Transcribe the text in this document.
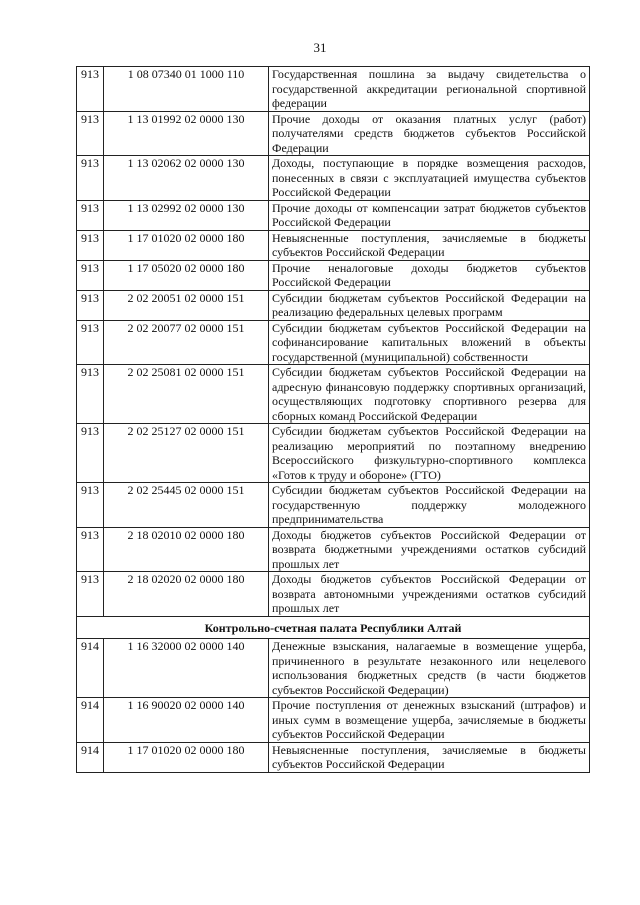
31
913	1 08 07340 01 1000 110	Государственная пошлина за выдачу свидетельства о государственной аккредитации региональной спортивной федерации
913	1 13 01992 02 0000 130	Прочие доходы от оказания платных услуг (работ) получателями средств бюджетов субъектов Российской Федерации
913	1 13 02062 02 0000 130	Доходы, поступающие в порядке возмещения расходов, понесенных в связи с эксплуатацией имущества субъектов Российской Федерации
913	1 13 02992 02 0000 130	Прочие доходы от компенсации затрат бюджетов субъектов Российской Федерации
913	1 17 01020 02 0000 180	Невыясненные поступления, зачисляемые в бюджеты субъектов Российской Федерации
913	1 17 05020 02 0000 180	Прочие неналоговые доходы бюджетов субъектов Российской Федерации
913	2 02 20051 02 0000 151	Субсидии бюджетам субъектов Российской Федерации на реализацию федеральных целевых программ
913	2 02 20077 02 0000 151	Субсидии бюджетам субъектов Российской Федерации на софинансирование капитальных вложений в объекты государственной (муниципальной) собственности
913	2 02 25081 02 0000 151	Субсидии бюджетам субъектов Российской Федерации на адресную финансовую поддержку спортивных организаций, осуществляющих подготовку спортивного резерва для сборных команд Российской Федерации
913	2 02 25127 02 0000 151	Субсидии бюджетам субъектов Российской Федерации на реализацию мероприятий по поэтапному внедрению Всероссийского физкультурно-спортивного комплекса «Готов к труду и обороне» (ГТО)
913	2 02 25445 02 0000 151	Субсидии бюджетам субъектов Российской Федерации на государственную поддержку молодежного предпринимательства
913	2 18 02010 02 0000 180	Доходы бюджетов субъектов Российской Федерации от возврата бюджетными учреждениями остатков субсидий прошлых лет
913	2 18 02020 02 0000 180	Доходы бюджетов субъектов Российской Федерации от возврата автономными учреждениями остатков субсидий прошлых лет
Контрольно-счетная палата Республики Алтай		
914	1 16 32000 02 0000 140	Денежные взыскания, налагаемые в возмещение ущерба, причиненного в результате незаконного или нецелевого использования бюджетных средств (в части бюджетов субъектов Российской Федерации)
914	1 16 90020 02 0000 140	Прочие поступления от денежных взысканий (штрафов) и иных сумм в возмещение ущерба, зачисляемые в бюджеты субъектов Российской Федерации
914	1 17 01020 02 0000 180	Невыясненные поступления, зачисляемые в бюджеты субъектов Российской Федерации
